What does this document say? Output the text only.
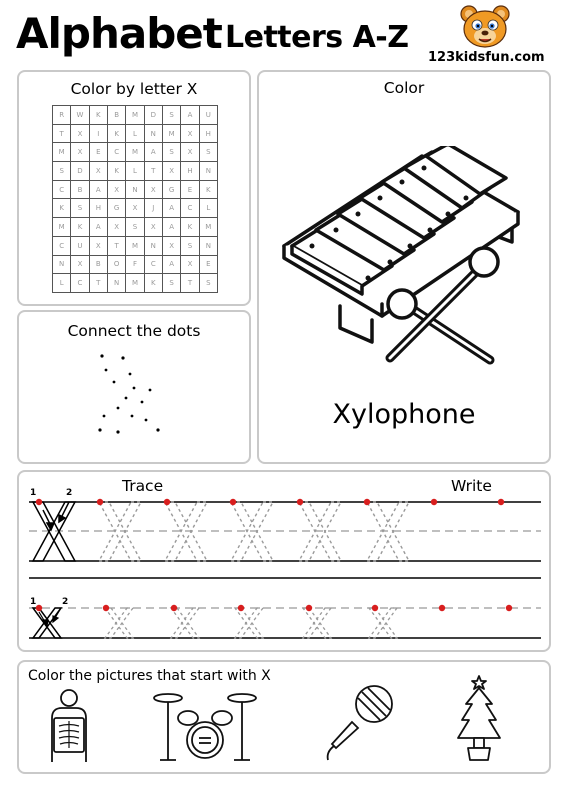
Alphabet Letters A-Z
123kidsfun.com
Color by letter X
R	W	K	B	M	D	S	A	U
T	X	I	K	L	N	M	X	H
M	X	E	C	M	A	S	X	S
S	D	X	K	L	T	X	H	N
C	B	A	X	N	X	G	E	K
K	S	H	G	X	J	A	C	L
M	K	A	X	S	X	A	K	M
C	U	X	T	M	N	X	S	N
N	X	B	O	F	C	A	X	E
L	C	T	N	M	K	S	T	S
Color
Xylophone
Connect the dots
Trace	Write
1	2
1	2
Color the pictures that start with X
